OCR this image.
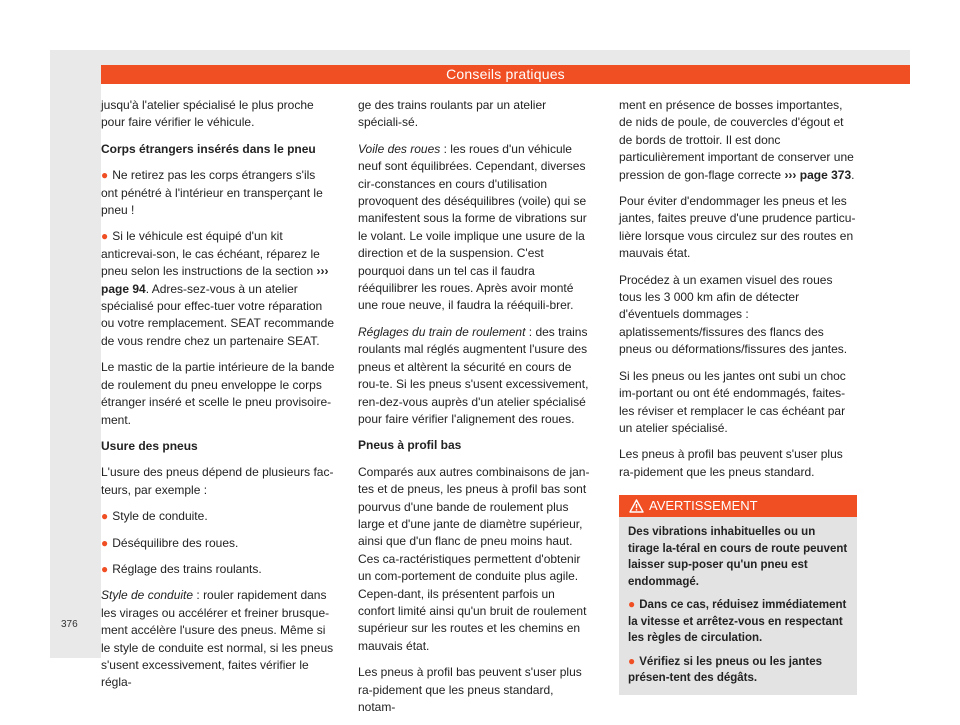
Conseils pratiques

jusqu'à l'atelier spécialisé le plus proche pour faire vérifier le véhicule.

Corps étrangers insérés dans le pneu

● Ne retirez pas les corps étrangers s'ils ont pénétré à l'intérieur en transperçant le pneu !

● Si le véhicule est équipé d'un kit anticrevai-son, le cas échéant, réparez le pneu selon les instructions de la section ››› page 94. Adres-sez-vous à un atelier spécialisé pour effec-tuer votre réparation ou votre remplacement. SEAT recommande de vous rendre chez un partenaire SEAT.

Le mastic de la partie intérieure de la bande de roulement du pneu enveloppe le corps étranger inséré et scelle le pneu provisoire-ment.

Usure des pneus

L'usure des pneus dépend de plusieurs fac-teurs, par exemple :

● Style de conduite.

● Déséquilibre des roues.

● Réglage des trains roulants.

Style de conduite : rouler rapidement dans les virages ou accélérer et freiner brusque-ment accélère l'usure des pneus. Même si le style de conduite est normal, si les pneus s'usent excessivement, faites vérifier le régla-

ge des trains roulants par un atelier spéciali-sé.

Voile des roues : les roues d'un véhicule neuf sont équilibrées. Cependant, diverses cir-constances en cours d'utilisation provoquent des déséquilibres (voile) qui se manifestent sous la forme de vibrations sur le volant. Le voile implique une usure de la direction et de la suspension. C'est pourquoi dans un tel cas il faudra rééquilibrer les roues. Après avoir monté une roue neuve, il faudra la rééquili-brer.

Réglages du train de roulement : des trains roulants mal réglés augmentent l'usure des pneus et altèrent la sécurité en cours de rou-te. Si les pneus s'usent excessivement, ren-dez-vous auprès d'un atelier spécialisé pour faire vérifier l'alignement des roues.

Pneus à profil bas

Comparés aux autres combinaisons de jan-tes et de pneus, les pneus à profil bas sont pourvus d'une bande de roulement plus large et d'une jante de diamètre supérieur, ainsi que d'un flanc de pneu moins haut. Ces ca-ractéristiques permettent d'obtenir un com-portement de conduite plus agile. Cepen-dant, ils présentent parfois un confort limité ainsi qu'un bruit de roulement supérieur sur les routes et les chemins en mauvais état.

Les pneus à profil bas peuvent s'user plus ra-pidement que les pneus standard, notam-

ment en présence de bosses importantes, de nids de poule, de couvercles d'égout et de bords de trottoir. Il est donc particulièrement important de conserver une pression de gon-flage correcte ››› page 373.

Pour éviter d'endommager les pneus et les jantes, faites preuve d'une prudence particu-lière lorsque vous circulez sur des routes en mauvais état.

Procédez à un examen visuel des roues tous les 3 000 km afin de détecter d'éventuels dommages : aplatissements/fissures des flancs des pneus ou déformations/fissures des jantes.

Si les pneus ou les jantes ont subi un choc im-portant ou ont été endommagés, faites-les réviser et remplacer le cas échéant par un atelier spécialisé.

Les pneus à profil bas peuvent s'user plus ra-pidement que les pneus standard.

AVERTISSEMENT

Des vibrations inhabituelles ou un tirage la-téral en cours de route peuvent laisser sup-poser qu'un pneu est endommagé.

● Dans ce cas, réduisez immédiatement la vitesse et arrêtez-vous en respectant les règles de circulation.

● Vérifiez si les pneus ou les jantes présen-tent des dégâts.

376
